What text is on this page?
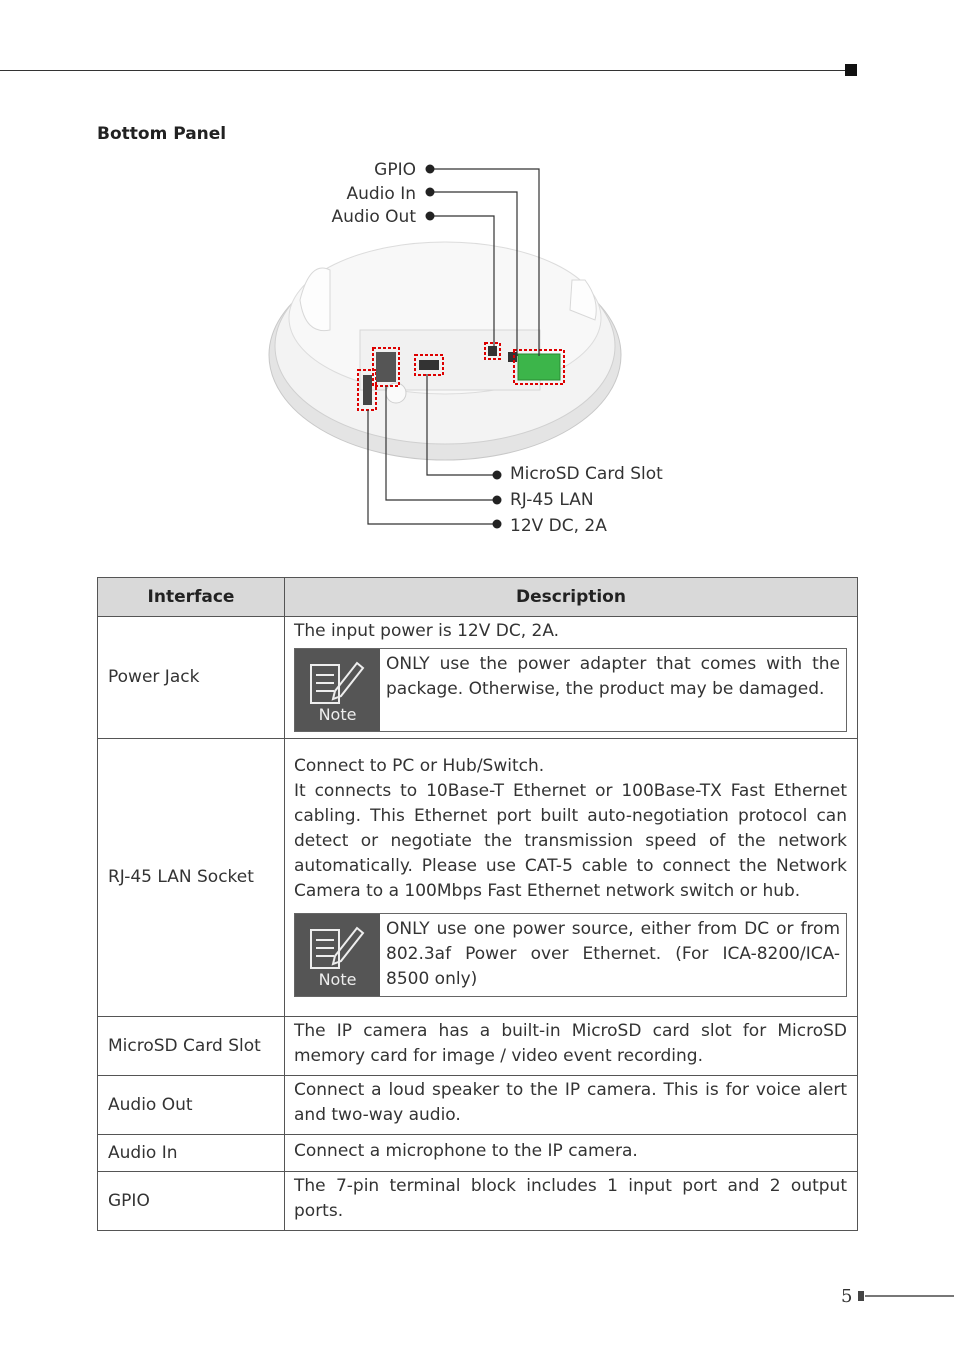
Bottom Panel
GPIO
Audio In
Audio Out
MicroSD Card Slot
RJ-45 LAN
12V DC, 2A
Interface	Description
Power Jack	The input power is 12V DC, 2A.

Note
ONLY use the power adapter that comes with the package. Otherwise, the product may be damaged.

RJ-45 LAN Socket	Connect to PC or Hub/Switch.

It connects to 10Base-T Ethernet or 100Base-TX Fast Ethernet cabling. This Ethernet port built auto-negotiation protocol can detect or negotiate the transmission speed of the network automatically. Please use CAT-5 cable to connect the Network Camera to a 100Mbps Fast Ethernet network switch or hub.

Note
ONLY use one power source, either from DC or from 802.3af Power over Ethernet. (For ICA-8200/ICA-8500 only)

MicroSD Card Slot	The IP camera has a built-in MicroSD card slot for MicroSD memory card for image / video event recording.
Audio Out	Connect a loud speaker to the IP camera. This is for voice alert and two-way audio.
Audio In	Connect a microphone to the IP camera.
GPIO	The 7-pin terminal block includes 1 input port and 2 output ports.
5
